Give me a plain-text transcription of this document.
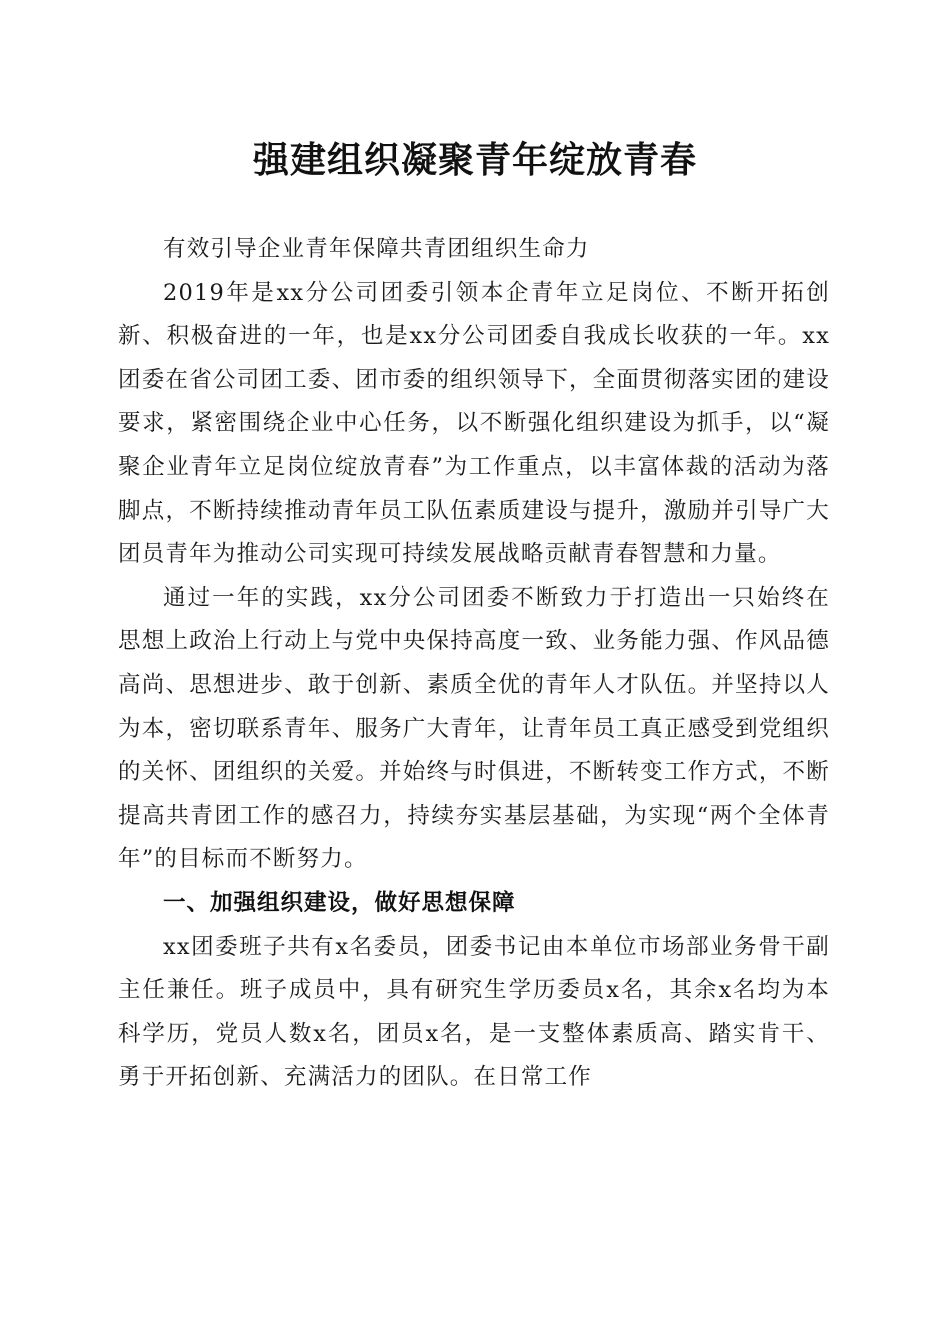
强建组织凝聚青年绽放青春

有效引导企业青年保障共青团组织生命力

2019年是xx分公司团委引领本企青年立足岗位、不断开拓创新、积极奋进的一年，也是xx分公司团委自我成长收获的一年。xx团委在省公司团工委、团市委的组织领导下，全面贯彻落实团的建设要求，紧密围绕企业中心任务，以不断强化组织建设为抓手，以“凝聚企业青年立足岗位绽放青春”为工作重点，以丰富体裁的活动为落脚点，不断持续推动青年员工队伍素质建设与提升，激励并引导广大团员青年为推动公司实现可持续发展战略贡献青春智慧和力量。

通过一年的实践，xx分公司团委不断致力于打造出一只始终在思想上政治上行动上与党中央保持高度一致、业务能力强、作风品德高尚、思想进步、敢于创新、素质全优的青年人才队伍。并坚持以人为本，密切联系青年、服务广大青年，让青年员工真正感受到党组织的关怀、团组织的关爱。并始终与时俱进，不断转变工作方式，不断提高共青团工作的感召力，持续夯实基层基础，为实现“两个全体青年”的目标而不断努力。

一、加强组织建设，做好思想保障

xx团委班子共有x名委员，团委书记由本单位市场部业务骨干副主任兼任。班子成员中，具有研究生学历委员x名，其余x名均为本科学历，党员人数x名，团员x名，是一支整体素质高、踏实肯干、勇于开拓创新、充满活力的团队。在日常工作
